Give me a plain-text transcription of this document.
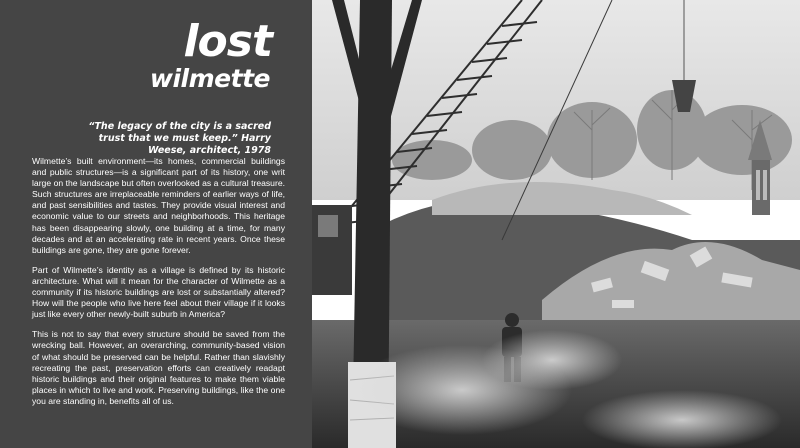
lost
wilmette
“The legacy of the city is a sacred trust that we must keep.” Harry Weese, architect, 1978

Wilmette’s built environment—its homes, commercial buildings and public structures—is a significant part of its history, one writ large on the landscape but often overlooked as a cultural treasure. Such structures are irreplaceable reminders of earlier ways of life, and past sensibilities and tastes. They provide visual interest and economic value to our streets and neighborhoods. This heritage has been disappearing slowly, one building at a time, for many decades and at an accelerating rate in recent years. Once these buildings are gone, they are gone forever.

Part of Wilmette’s identity as a village is defined by its historic architecture. What will it mean for the character of Wilmette as a community if its historic buildings are lost or substantially altered? How will the people who live here feel about their village if it looks just like every other newly-built suburb in America?

This is not to say that every structure should be saved from the wrecking ball. However, an overarching, community-based vision of what should be preserved can be helpful. Rather than slavishly recreating the past, preservation efforts can creatively readapt historic buildings and their original features to make them viable places in which to live and work. Preserving buildings, like the one you are standing in, benefits all of us.
